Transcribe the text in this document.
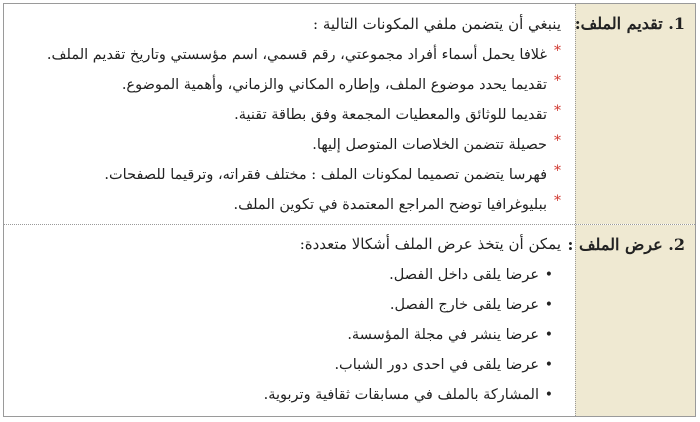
1. تقديم الملف:
ينبغي أن يتضمن ملفي المكونات التالية :
*
غلافا يحمل أسماء أفراد مجموعتي، رقم قسمي، اسم مؤسستي وتاريخ تقديم الملف.
*
تقديما يحدد موضوع الملف، وإطاره المكاني والزماني، وأهمية الموضوع.
*
تقديما للوثائق والمعطيات المجمعة وفق بطاقة تقنية.
*
حصيلة تتضمن الخلاصات المتوصل إليها.
*
فهرسا يتضمن تصميما لمكونات الملف : مختلف فقراته، وترقيما للصفحات.
*
ببليوغرافيا توضح المراجع المعتمدة في تكوين الملف.
2. عرض الملف :
يمكن أن يتخذ عرض الملف أشكالا متعددة:
•
عرضا يلقى داخل الفصل.
•
عرضا يلقى خارج الفصل.
•
عرضا ينشر في مجلة المؤسسة.
•
عرضا يلقى في احدى دور الشباب.
•
المشاركة بالملف في مسابقات ثقافية وتربوية.
